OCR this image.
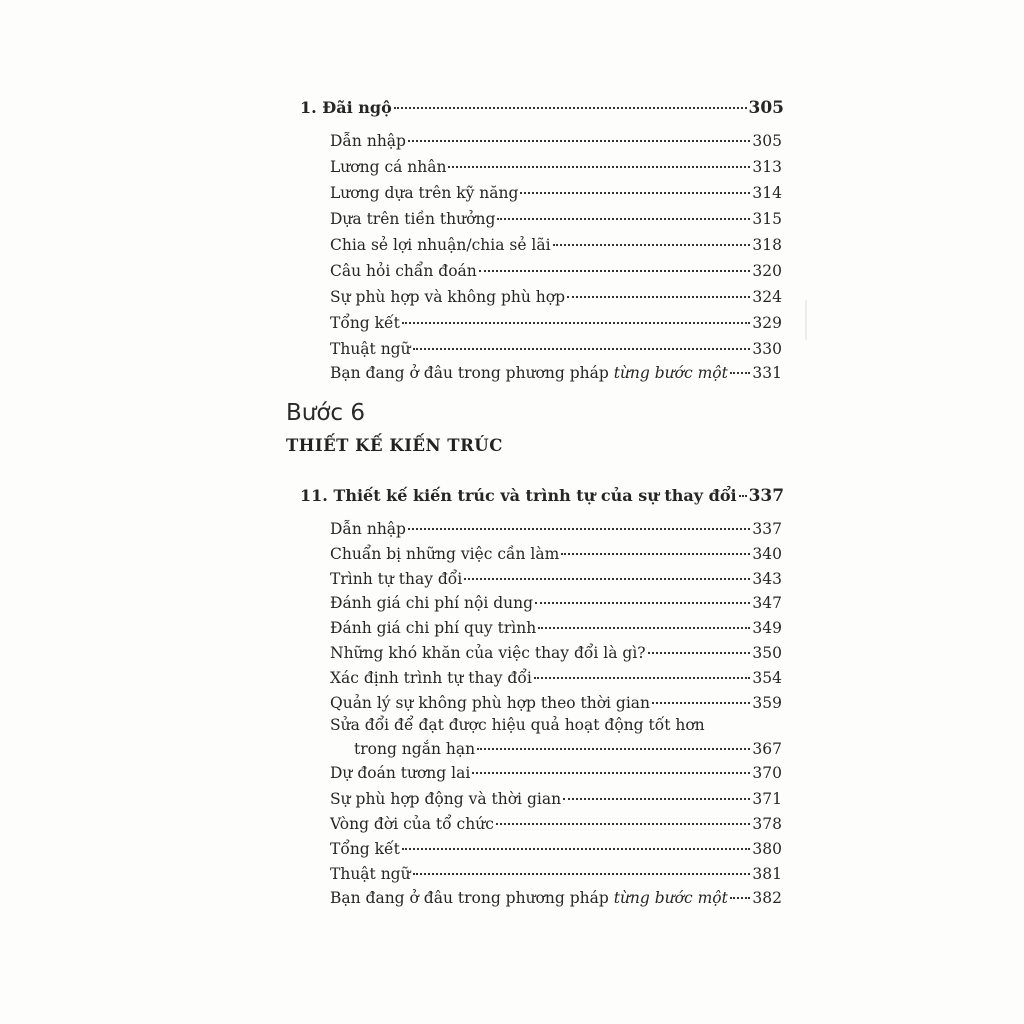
1. Đãi ngộ	305
Dẫn nhập	305
Lương cá nhân	313
Lương dựa trên kỹ năng	314
Dựa trên tiền thưởng	315
Chia sẻ lợi nhuận/chia sẻ lãi	318
Câu hỏi chẩn đoán	320
Sự phù hợp và không phù hợp	324
Tổng kết	329
Thuật ngữ	330
Bạn đang ở đâu trong phương pháp từng bước một 331
Bước 6
THIẾT KẾ KIẾN TRÚC
11. Thiết kế kiến trúc và trình tự của sự thay đổi 337
Dẫn nhập	337
Chuẩn bị những việc cần làm	340
Trình tự thay đổi	343
Đánh giá chi phí nội dung	347
Đánh giá chi phí quy trình	349
Những khó khăn của việc thay đổi là gì?	350
Xác định trình tự thay đổi	354
Quản lý sự không phù hợp theo thời gian	359
Sửa đổi để đạt được hiệu quả hoạt động tốt hơn
trong ngắn hạn	367
Dự đoán tương lai	370
Sự phù hợp động và thời gian	371
Vòng đời của tổ chức	378
Tổng kết	380
Thuật ngữ	381
Bạn đang ở đâu trong phương pháp từng bước một 382
